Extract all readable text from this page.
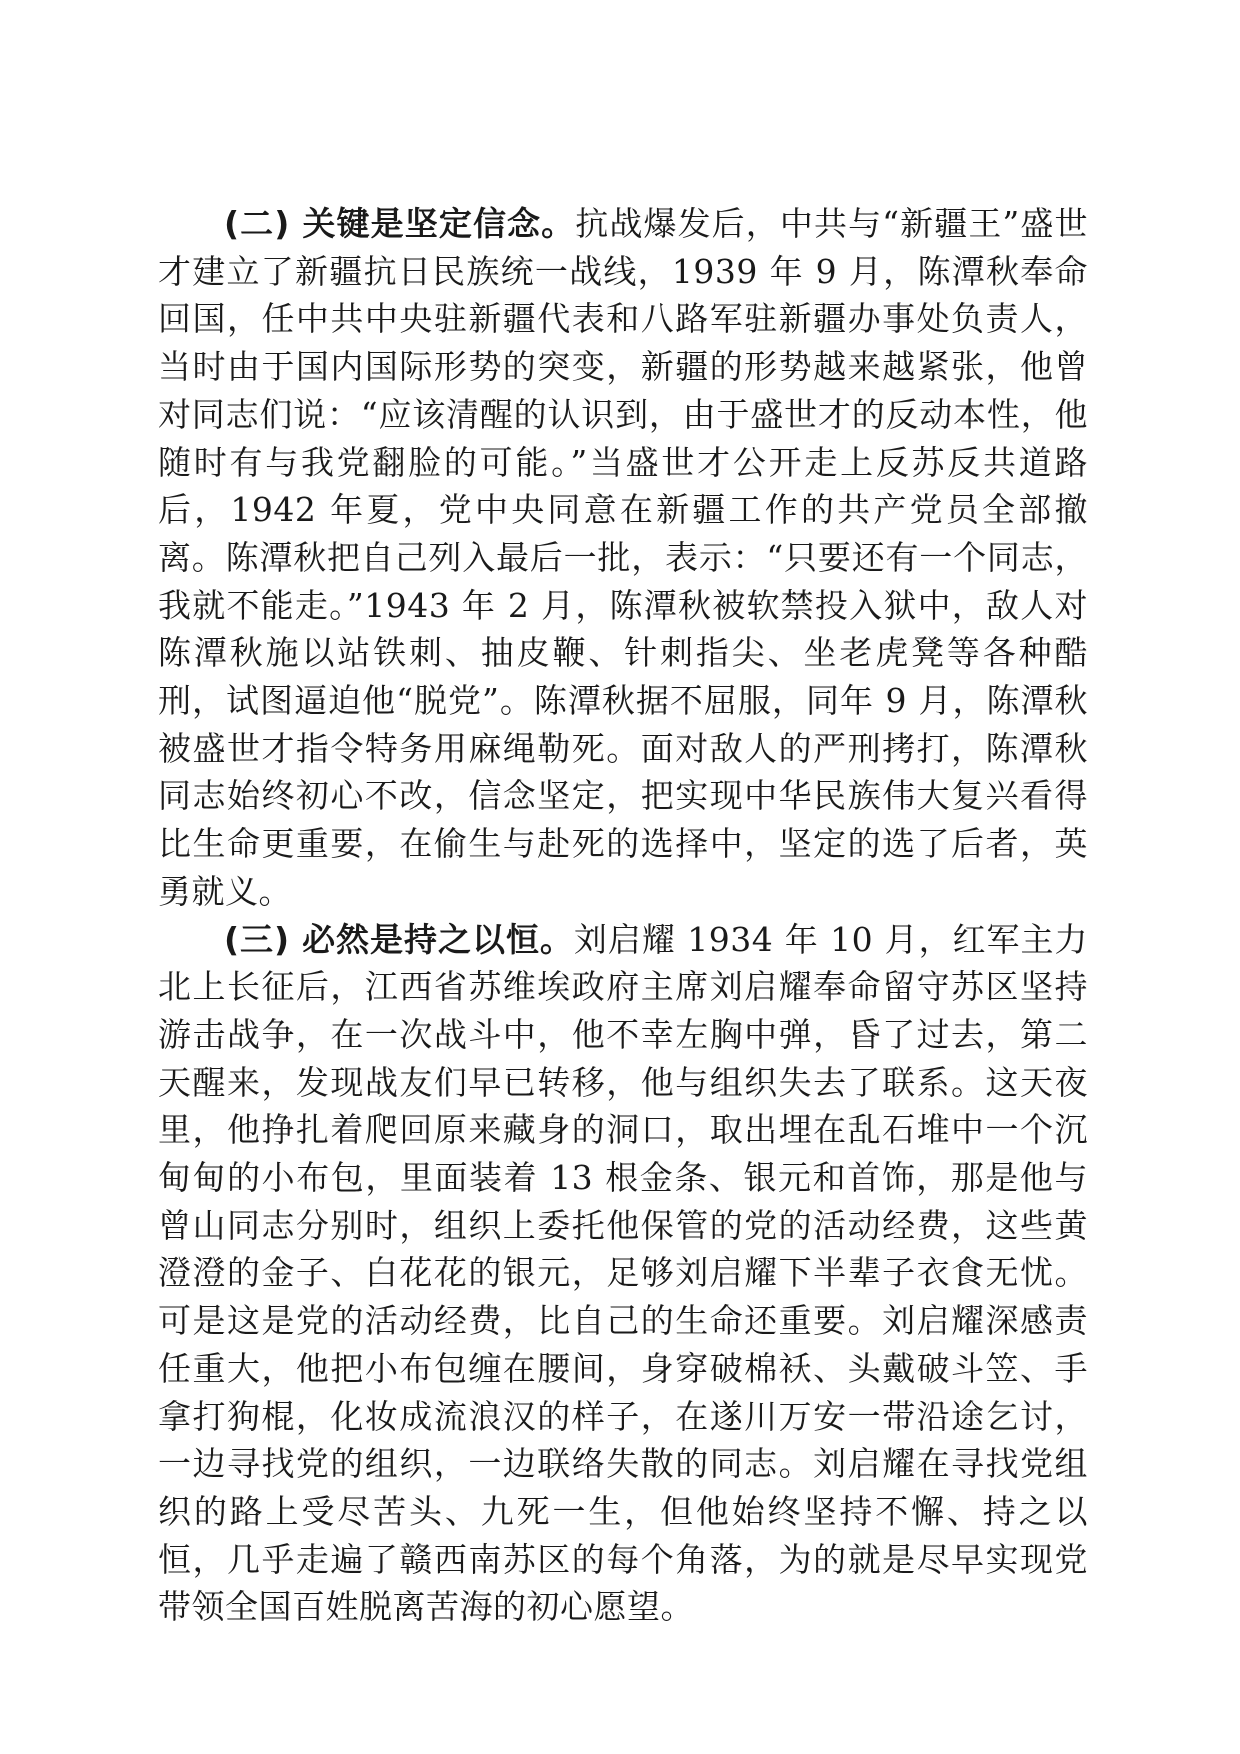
(二) 关键是坚定信念。抗战爆发后，中共与“新疆王”盛世才建立了新疆抗日民族统一战线，1939 年 9 月，陈潭秋奉命回国，任中共中央驻新疆代表和八路军驻新疆办事处负责人，当时由于国内国际形势的突变，新疆的形势越来越紧张，他曾对同志们说：“应该清醒的认识到，由于盛世才的反动本性，他随时有与我党翻脸的可能。”当盛世才公开走上反苏反共道路后，1942 年夏，党中央同意在新疆工作的共产党员全部撤离。陈潭秋把自己列入最后一批，表示：“只要还有一个同志，我就不能走。”1943 年 2 月，陈潭秋被软禁投入狱中，敌人对陈潭秋施以站铁刺、抽皮鞭、针刺指尖、坐老虎凳等各种酷刑，试图逼迫他“脱党”。陈潭秋据不屈服，同年 9 月，陈潭秋被盛世才指令特务用麻绳勒死。面对敌人的严刑拷打，陈潭秋同志始终初心不改，信念坚定，把实现中华民族伟大复兴看得比生命更重要，在偷生与赴死的选择中，坚定的选了后者，英勇就义。

(三) 必然是持之以恒。刘启耀 1934 年 10 月，红军主力北上长征后，江西省苏维埃政府主席刘启耀奉命留守苏区坚持游击战争，在一次战斗中，他不幸左胸中弹，昏了过去，第二天醒来，发现战友们早已转移，他与组织失去了联系。这天夜里，他挣扎着爬回原来藏身的洞口，取出埋在乱石堆中一个沉甸甸的小布包，里面装着 13 根金条、银元和首饰，那是他与曾山同志分别时，组织上委托他保管的党的活动经费，这些黄澄澄的金子、白花花的银元，足够刘启耀下半辈子衣食无忧。可是这是党的活动经费，比自己的生命还重要。刘启耀深感责任重大，他把小布包缠在腰间，身穿破棉袄、头戴破斗笠、手拿打狗棍，化妆成流浪汉的样子，在遂川万安一带沿途乞讨，一边寻找党的组织，一边联络失散的同志。刘启耀在寻找党组织的路上受尽苦头、九死一生，但他始终坚持不懈、持之以恒，几乎走遍了赣西南苏区的每个角落，为的就是尽早实现党带领全国百姓脱离苦海的初心愿望。
